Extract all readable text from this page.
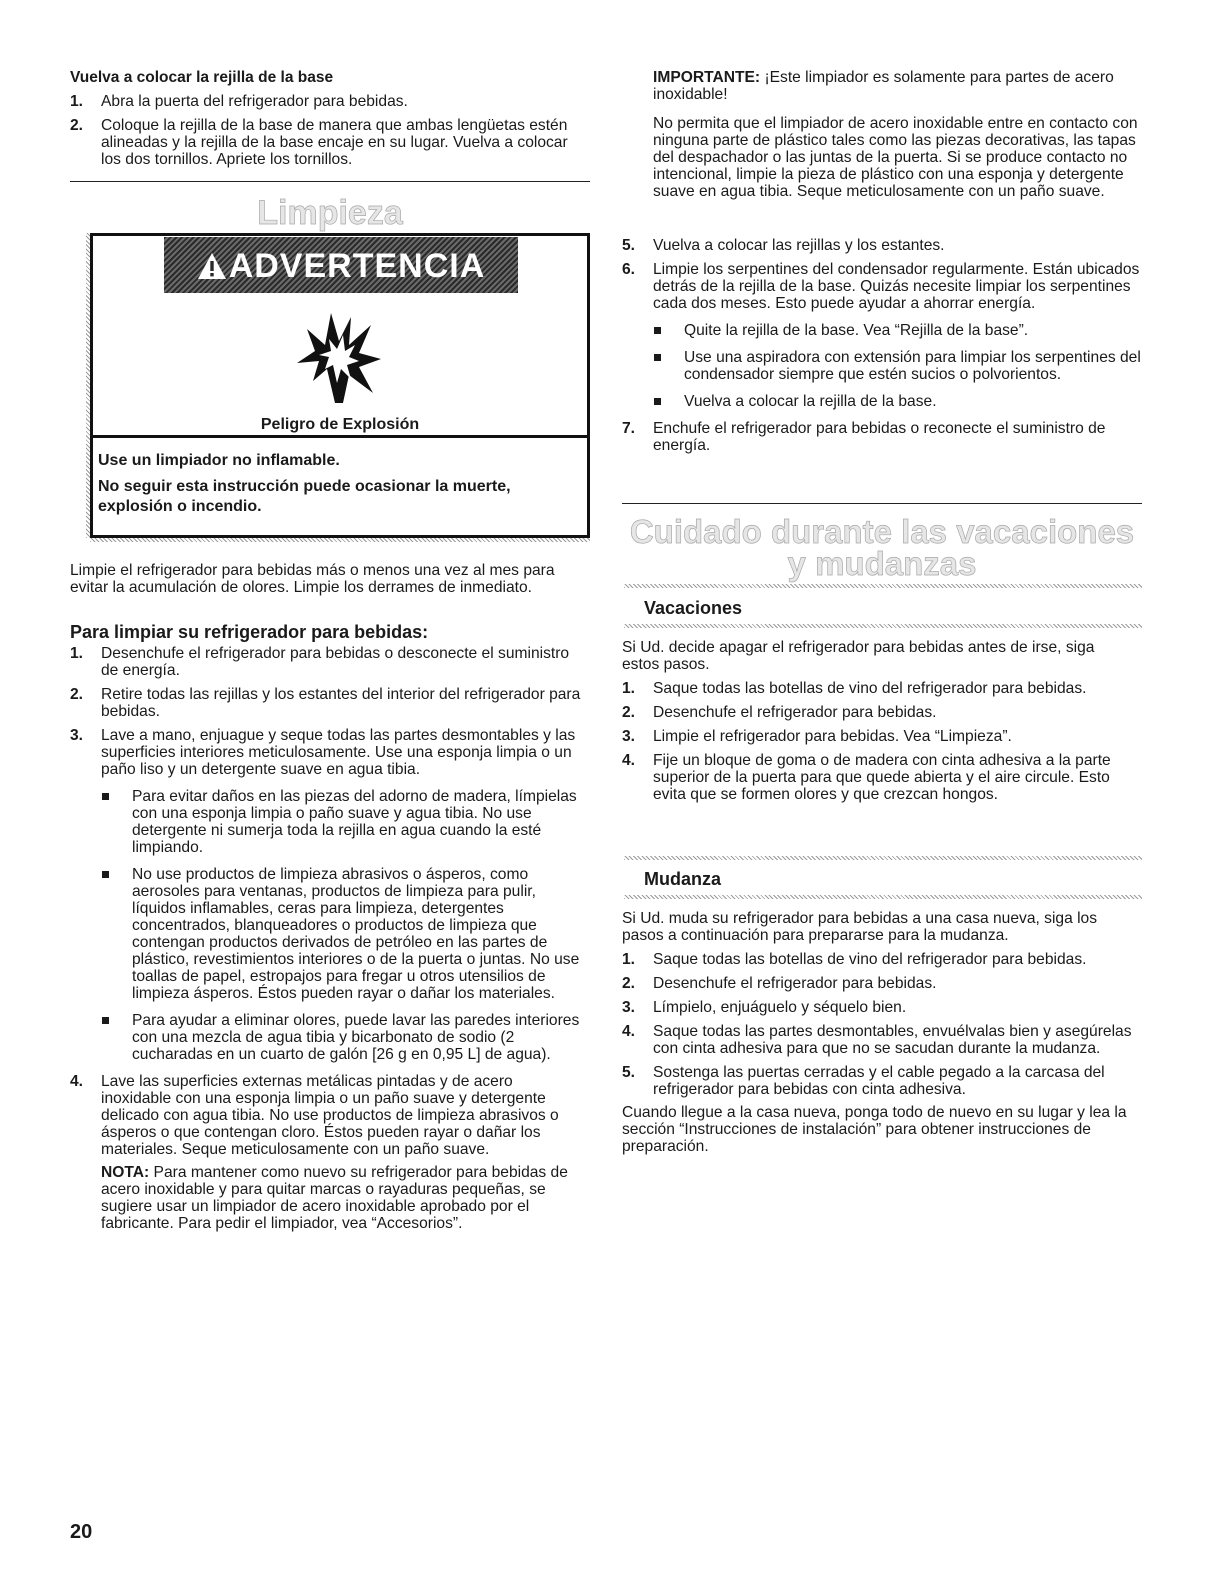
Vuelva a colocar la rejilla de la base

1. Abra la puerta del refrigerador para bebidas.
2. Coloque la rejilla de la base de manera que ambas lengüetas estén alineadas y la rejilla de la base encaje en su lugar. Vuelva a colocar los dos tornillos. Apriete los tornillos.
Limpieza
ADVERTENCIA
Peligro de Explosión
Use un limpiador no inflamable.
No seguir esta instrucción puede ocasionar la muerte, explosión o incendio.

Limpie el refrigerador para bebidas más o menos una vez al mes para evitar la acumulación de olores. Limpie los derrames de inmediato.

Para limpiar su refrigerador para bebidas:

1. Desenchufe el refrigerador para bebidas o desconecte el suministro de energía.
2. Retire todas las rejillas y los estantes del interior del refrigerador para bebidas.
3. Lave a mano, enjuague y seque todas las partes desmontables y las superficies interiores meticulosamente. Use una esponja limpia o un paño liso y un detergente suave en agua tibia.
Para evitar daños en las piezas del adorno de madera, límpielas con una esponja limpia o paño suave y agua tibia. No use detergente ni sumerja toda la rejilla en agua cuando la esté limpiando.
No use productos de limpieza abrasivos o ásperos, como aerosoles para ventanas, productos de limpieza para pulir, líquidos inflamables, ceras para limpieza, detergentes concentrados, blanqueadores o productos de limpieza que contengan productos derivados de petróleo en las partes de plástico, revestimientos interiores o de la puerta o juntas. No use toallas de papel, estropajos para fregar u otros utensilios de limpieza ásperos. Éstos pueden rayar o dañar los materiales.
Para ayudar a eliminar olores, puede lavar las paredes interiores con una mezcla de agua tibia y bicarbonato de sodio (2 cucharadas en un cuarto de galón [26 g en 0,95 L] de agua).
4. Lave las superficies externas metálicas pintadas y de acero inoxidable con una esponja limpia o un paño suave y detergente delicado con agua tibia. No use productos de limpieza abrasivos o ásperos o que contengan cloro. Éstos pueden rayar o dañar los materiales. Seque meticulosamente con un paño suave.

NOTA: Para mantener como nuevo su refrigerador para bebidas de acero inoxidable y para quitar marcas o rayaduras pequeñas, se sugiere usar un limpiador de acero inoxidable aprobado por el fabricante. Para pedir el limpiador, vea “Accesorios”.

IMPORTANTE: ¡Este limpiador es solamente para partes de acero inoxidable!

No permita que el limpiador de acero inoxidable entre en contacto con ninguna parte de plástico tales como las piezas decorativas, las tapas del despachador o las juntas de la puerta. Si se produce contacto no intencional, limpie la pieza de plástico con una esponja y detergente suave en agua tibia. Seque meticulosamente con un paño suave.

5. Vuelva a colocar las rejillas y los estantes.
6. Limpie los serpentines del condensador regularmente. Están ubicados detrás de la rejilla de la base. Quizás necesite limpiar los serpentines cada dos meses. Esto puede ayudar a ahorrar energía.
Quite la rejilla de la base. Vea “Rejilla de la base”.
Use una aspiradora con extensión para limpiar los serpentines del condensador siempre que estén sucios o polvorientos.
Vuelva a colocar la rejilla de la base.
7. Enchufe el refrigerador para bebidas o reconecte el suministro de energía.
Cuidado durante las vacaciones
y mudanzas

Vacaciones

Si Ud. decide apagar el refrigerador para bebidas antes de irse, siga estos pasos.

1. Saque todas las botellas de vino del refrigerador para bebidas.
2. Desenchufe el refrigerador para bebidas.
3. Limpie el refrigerador para bebidas. Vea “Limpieza”.
4. Fije un bloque de goma o de madera con cinta adhesiva a la parte superior de la puerta para que quede abierta y el aire circule. Esto evita que se formen olores y que crezcan hongos.

Mudanza

Si Ud. muda su refrigerador para bebidas a una casa nueva, siga los pasos a continuación para prepararse para la mudanza.

1. Saque todas las botellas de vino del refrigerador para bebidas.
2. Desenchufe el refrigerador para bebidas.
3. Límpielo, enjuáguelo y séquelo bien.
4. Saque todas las partes desmontables, envuélvalas bien y asegúrelas con cinta adhesiva para que no se sacudan durante la mudanza.
5. Sostenga las puertas cerradas y el cable pegado a la carcasa del refrigerador para bebidas con cinta adhesiva.

Cuando llegue a la casa nueva, ponga todo de nuevo en su lugar y lea la sección “Instrucciones de instalación” para obtener instrucciones de preparación.

20
